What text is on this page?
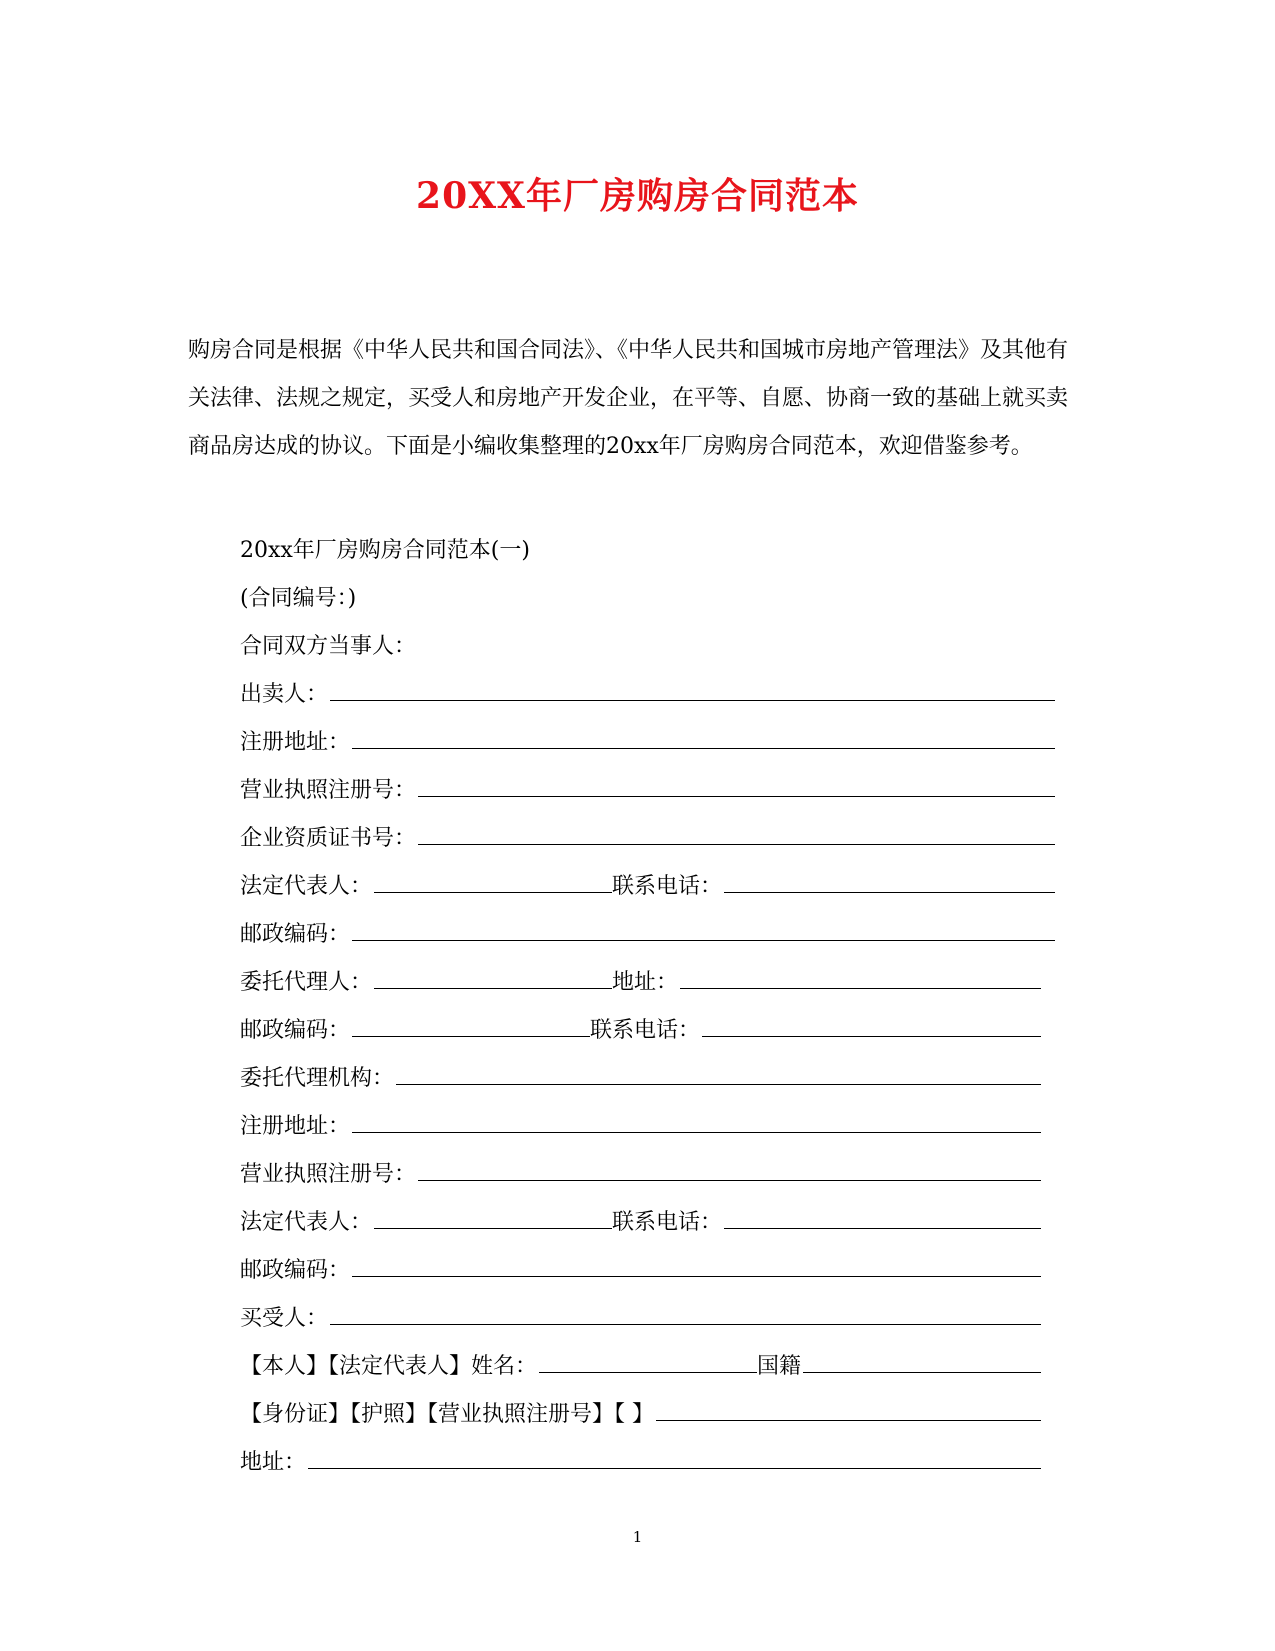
20XX年厂房购房合同范本

购房合同是根据《中华人民共和国合同法》、《中华人民共和国城市房地产管理法》及其他有关法律、法规之规定，买受人和房地产开发企业，在平等、自愿、协商一致的基础上就买卖商品房达成的协议。下面是小编收集整理的20xx年厂房购房合同范本，欢迎借鉴参考。

20xx年厂房购房合同范本(一)
(合同编号：)
合同双方当事人：
出卖人：
注册地址：
营业执照注册号：
企业资质证书号：
法定代表人：	联系电话：
邮政编码：
委托代理人：	地址：
邮政编码：	联系电话：
委托代理机构：
注册地址：
营业执照注册号：
法定代表人：	联系电话：
邮政编码：
买受人：
【本人】【法定代表人】姓名：	国籍
【身份证】【护照】【营业执照注册号】【 】
地址：
1
